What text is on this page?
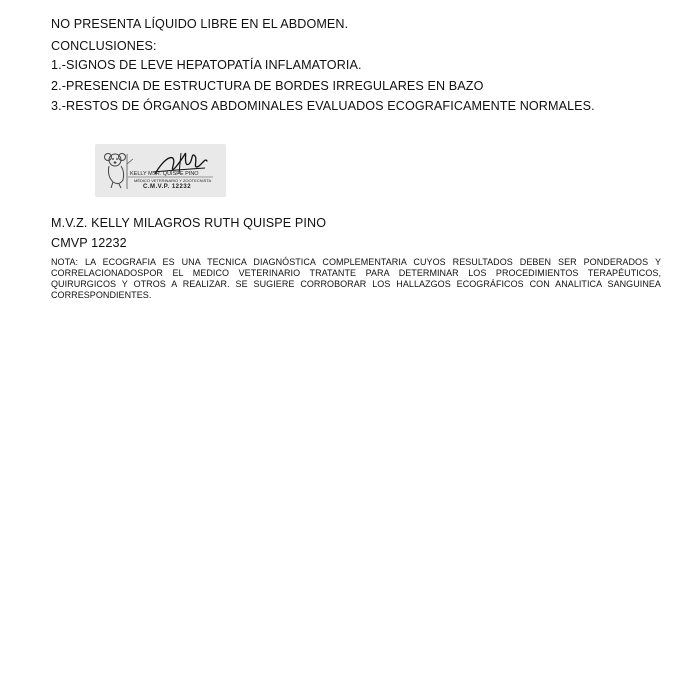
NO PRESENTA LÍQUIDO LIBRE EN EL ABDOMEN.
CONCLUSIONES:
1.-SIGNOS DE LEVE HEPATOPATÍA INFLAMATORIA.
2.-PRESENCIA DE ESTRUCTURA DE BORDES IRREGULARES EN BAZO
3.-RESTOS DE ÓRGANOS ABDOMINALES EVALUADOS ECOGRAFICAMENTE NORMALES.
KELLY M. R. QUISPE PINO
MÉDICO VETERINARIO Y ZOOTECNISTA
C.M.V.P. 12232
M.V.Z. KELLY MILAGROS RUTH QUISPE PINO
CMVP 12232
NOTA: LA ECOGRAFIA ES UNA TECNICA DIAGNÓSTICA COMPLEMENTARIA CUYOS RESULTADOS DEBEN SER PONDERADOS Y CORRELACIONADOSPOR EL MEDICO VETERINARIO TRATANTE PARA DETERMINAR LOS PROCEDIMIENTOS TERAPÉUTICOS, QUIRURGICOS Y OTROS A REALIZAR. SE SUGIERE CORROBORAR LOS HALLAZGOS ECOGRÁFICOS CON ANALITICA SANGUINEA CORRESPONDIENTES.
